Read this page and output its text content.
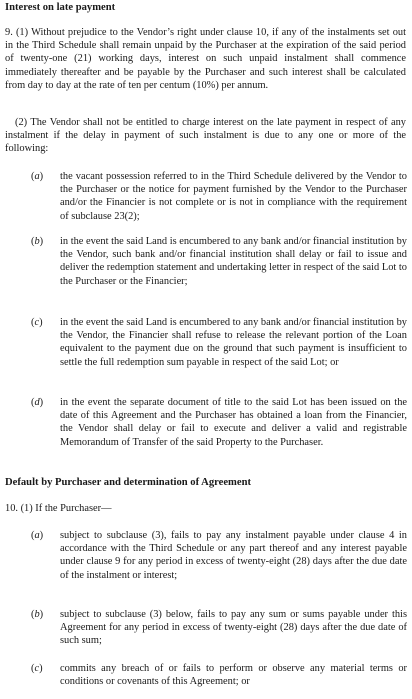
Interest on late payment

9. (1) Without prejudice to the Vendor’s right under clause 10, if any of the instalments set out in the Third Schedule shall remain unpaid by the Purchaser at the expiration of the said period of twenty-one (21) working days, interest on such unpaid instalment shall commence immediately thereafter and be payable by the Purchaser and such interest shall be calculated from day to day at the rate of ten per centum (10%) per annum.

(2) The Vendor shall not be entitled to charge interest on the late payment in respect of any instalment if the delay in payment of such instalment is due to any one or more of the following:

(a) the vacant possession referred to in the Third Schedule delivered by the Vendor to the Purchaser or the notice for payment furnished by the Vendor to the Purchaser and/or the Financier is not complete or is not in compliance with the requirement of subclause 23(2);

(b) in the event the said Land is encumbered to any bank and/or financial institution by the Vendor, such bank and/or financial institution shall delay or fail to issue and deliver the redemption statement and undertaking letter in respect of the said Lot to the Purchaser or the Financier;

(c) in the event the said Land is encumbered to any bank and/or financial institution by the Vendor, the Financier shall refuse to release the relevant portion of the Loan equivalent to the payment due on the ground that such payment is insufficient to settle the full redemption sum payable in respect of the said Lot; or

(d) in the event the separate document of title to the said Lot has been issued on the date of this Agreement and the Purchaser has obtained a loan from the Financier, the Vendor shall delay or fail to execute and deliver a valid and registrable Memorandum of Transfer of the said Property to the Purchaser.

Default by Purchaser and determination of Agreement

10. (1) If the Purchaser—

(a) subject to subclause (3), fails to pay any instalment payable under clause 4 in accordance with the Third Schedule or any part thereof and any interest payable under clause 9 for any period in excess of twenty-eight (28) days after the due date of the instalment or interest;

(b) subject to subclause (3) below, fails to pay any sum or sums payable under this Agreement for any period in excess of twenty-eight (28) days after the due date of such sum;

(c) commits any breach of or fails to perform or observe any material terms or conditions or covenants of this Agreement; or
